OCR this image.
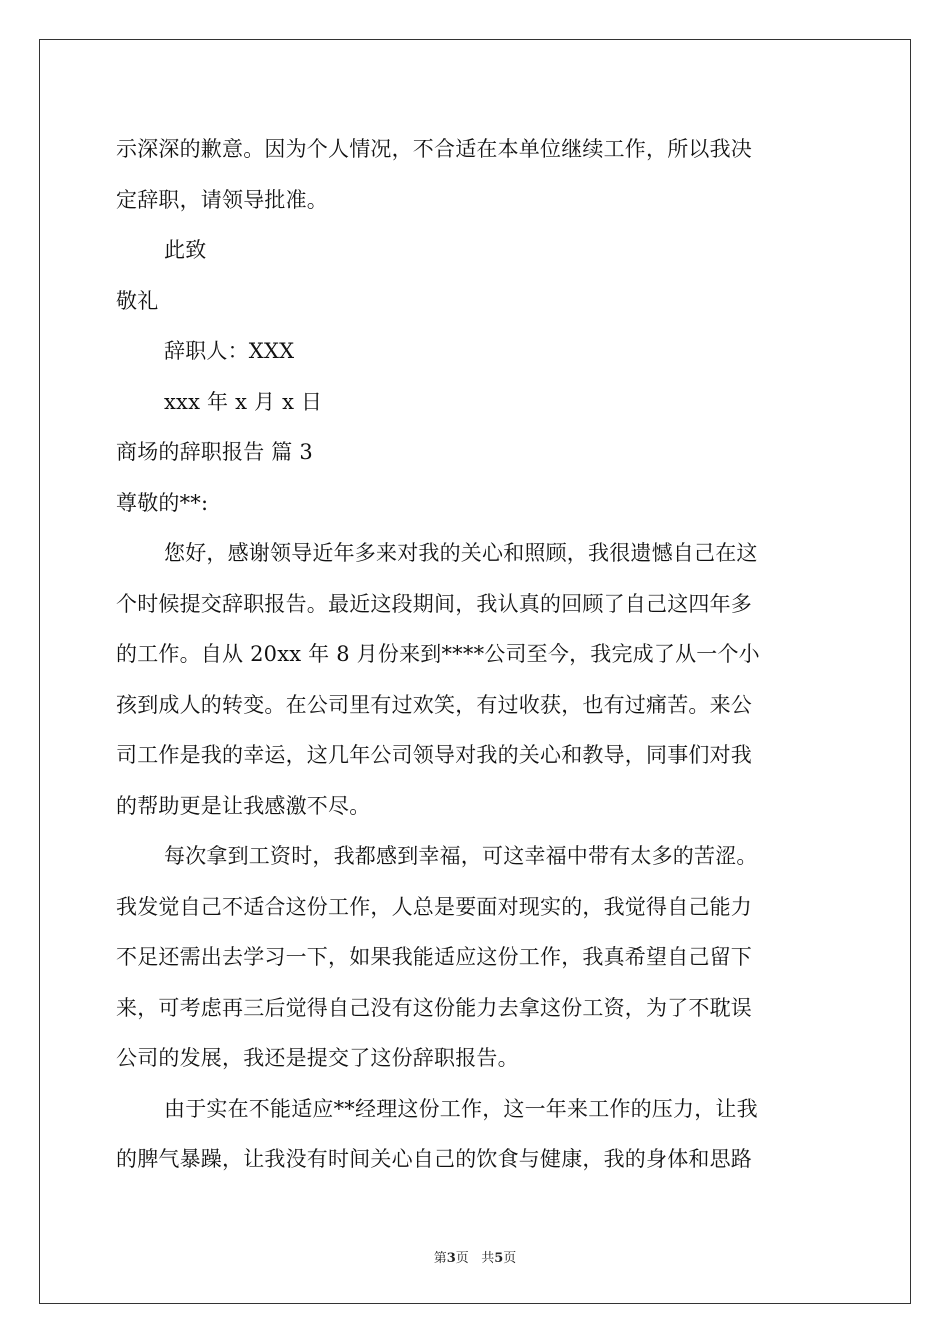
示深深的歉意。因为个人情况，不合适在本单位继续工作，所以我决
定辞职，请领导批准。
此致
敬礼
辞职人：XXX
xxx 年 x 月 x 日
商场的辞职报告 篇 3
尊敬的**:
您好，感谢领导近年多来对我的关心和照顾，我很遗憾自己在这
个时候提交辞职报告。最近这段期间，我认真的回顾了自己这四年多
的工作。自从 20xx 年 8 月份来到****公司至今，我完成了从一个小
孩到成人的转变。在公司里有过欢笑，有过收获，也有过痛苦。来公
司工作是我的幸运，这几年公司领导对我的关心和教导，同事们对我
的帮助更是让我感激不尽。
每次拿到工资时，我都感到幸福，可这幸福中带有太多的苦涩。
我发觉自己不适合这份工作，人总是要面对现实的，我觉得自己能力
不足还需出去学习一下，如果我能适应这份工作，我真希望自己留下
来，可考虑再三后觉得自己没有这份能力去拿这份工资，为了不耽误
公司的发展，我还是提交了这份辞职报告。
由于实在不能适应**经理这份工作，这一年来工作的压力，让我
的脾气暴躁，让我没有时间关心自己的饮食与健康，我的身体和思路
第3页 共5页
